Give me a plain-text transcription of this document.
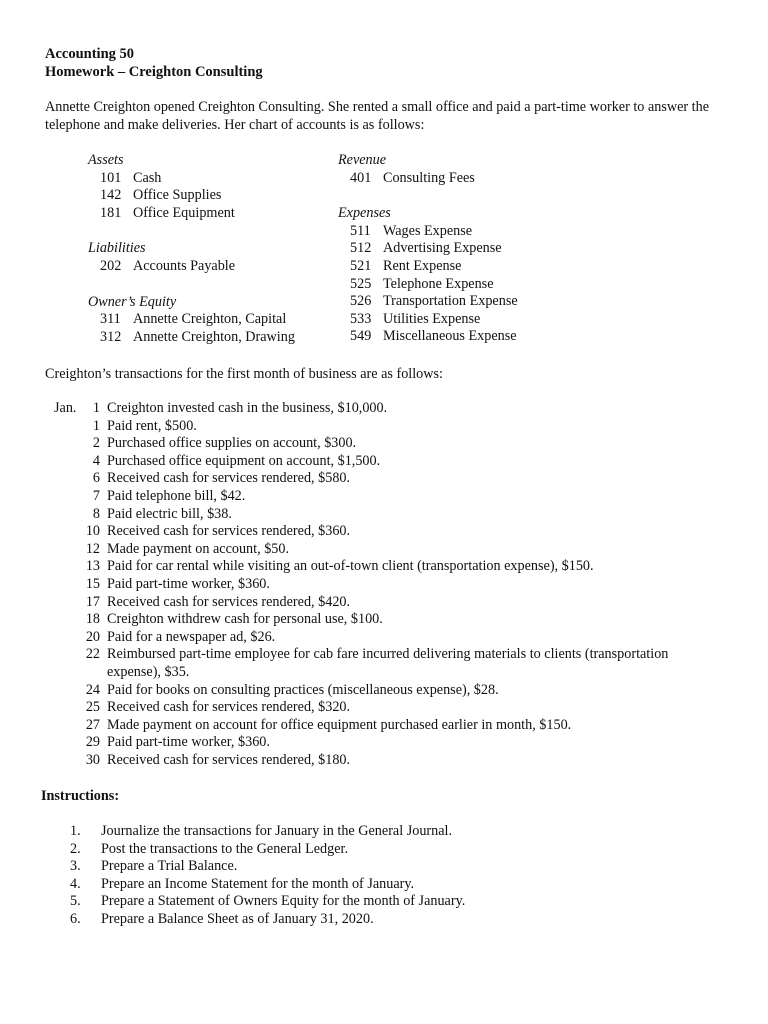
Accounting 50
Homework – Creighton Consulting
Annette Creighton opened Creighton Consulting. She rented a small office and paid a part-time worker to answer the telephone and make deliveries. Her chart of accounts is as follows:
Assets
101 Cash
142 Office Supplies
181 Office Equipment
Liabilities
202 Accounts Payable
Owner’s Equity
311 Annette Creighton, Capital
312 Annette Creighton, Drawing
Revenue
401 Consulting Fees
Expenses
511 Wages Expense
512 Advertising Expense
521 Rent Expense
525 Telephone Expense
526 Transportation Expense
533 Utilities Expense
549 Miscellaneous Expense
Creighton’s transactions for the first month of business are as follows:
Jan.	1 Creighton invested cash in the business, $10,000.
1 Paid rent, $500.
2 Purchased office supplies on account, $300.
4 Purchased office equipment on account, $1,500.
6 Received cash for services rendered, $580.
7 Paid telephone bill, $42.
8 Paid electric bill, $38.
10 Received cash for services rendered, $360.
12 Made payment on account, $50.
13 Paid for car rental while visiting an out-of-town client (transportation expense), $150.
15 Paid part-time worker, $360.
17 Received cash for services rendered, $420.
18 Creighton withdrew cash for personal use, $100.
20 Paid for a newspaper ad, $26.
22 Reimbursed part-time employee for cab fare incurred delivering materials to clients (transportation expense), $35.
24 Paid for books on consulting practices (miscellaneous expense), $28.
25 Received cash for services rendered, $320.
27 Made payment on account for office equipment purchased earlier in month, $150.
29 Paid part-time worker, $360.
30 Received cash for services rendered, $180.
Instructions:
1.	Journalize the transactions for January in the General Journal.
2.	Post the transactions to the General Ledger.
3.	Prepare a Trial Balance.
4.	Prepare an Income Statement for the month of January.
5.	Prepare a Statement of Owners Equity for the month of January.
6.	Prepare a Balance Sheet as of January 31, 2020.
